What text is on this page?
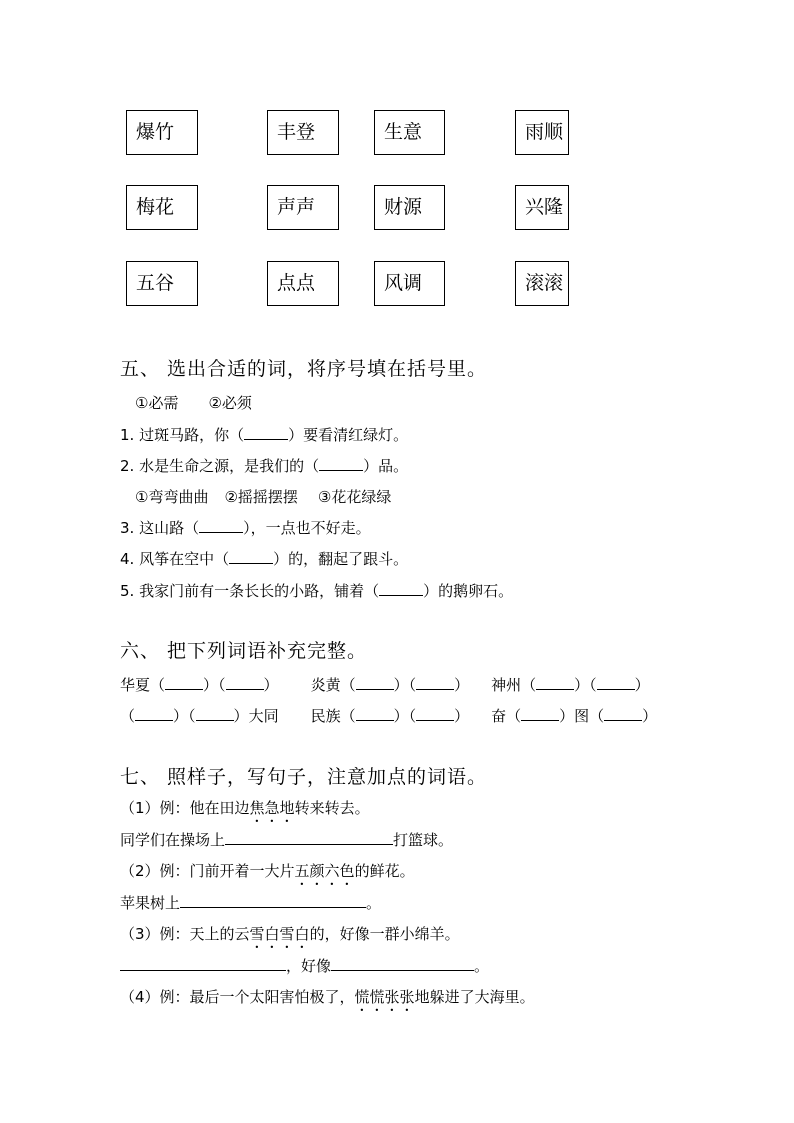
爆竹	丰登	生意	雨顺
梅花	声声	财源	兴隆
五谷	点点	风调	滚滚
五、 选出合适的词，将序号填在括号里。
①必需 ②必须
1. 过斑马路，你（	）要看清红绿灯。
2. 水是生命之源，是我们的（	）品。
①弯弯曲曲 ②摇摇摆摆 ③花花绿绿
3. 这山路（	），一点也不好走。
4. 风筝在空中（	）的，翻起了跟斗。
5. 我家门前有一条长长的小路，铺着（	）的鹅卵石。
六、 把下列词语补充完整。
华夏（	）（	） 炎黄（	）（	） 神州（	）（	）
（	）（	）大同 民族（	）（	） 奋（	）图（	）
七、 照样子，写句子，注意加点的词语。
（1）例：他在田边焦急地转来转去。
同学们在操场上	打篮球。
（2）例：门前开着一大片五颜六色的鲜花。
苹果树上	。
（3）例：天上的云雪白雪白的，好像一群小绵羊。
，好像	。
（4）例：最后一个太阳害怕极了，慌慌张张地躲进了大海里。
